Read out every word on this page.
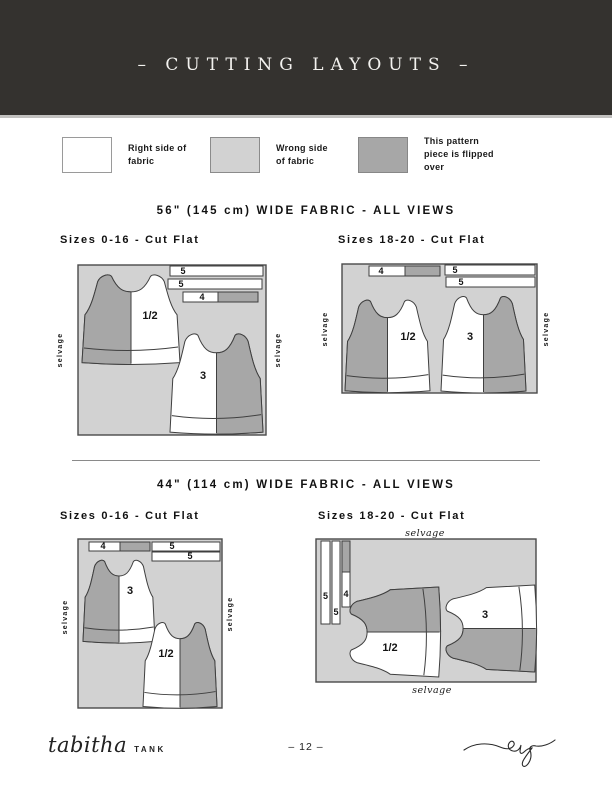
– CUTTING LAYOUTS –
Right side of fabric
Wrong side of fabric
This pattern piece is flipped over
56" (145 cm) WIDE FABRIC - ALL VIEWS
Sizes 0-16 - Cut Flat	Sizes 18-20 - Cut Flat
1/2
3
5
5
4
selvage	selvage	1/2	3
4	5
5
selvage	selvage
44" (114 cm) WIDE FABRIC - ALL VIEWS
Sizes 0-16 - Cut Flat	Sizes 18-20 - Cut Flat
3
1/2
4	5
5
selvage	selvage
selvage
1/2
3
5
5
4
selvage
tabitha TANK	– 12 –
